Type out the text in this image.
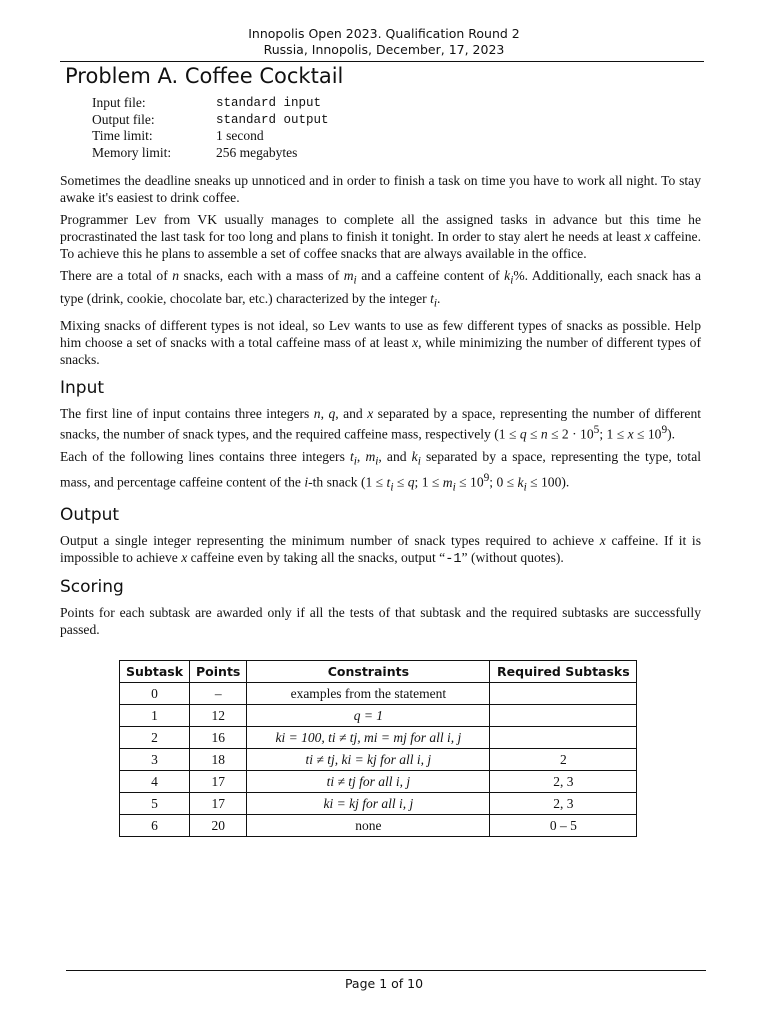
Innopolis Open 2023. Qualification Round 2
Russia, Innopolis, December, 17, 2023
Problem A. Coffee Cocktail
Input file:	standard input
Output file:	standard output
Time limit:	1 second
Memory limit:	256 megabytes

Sometimes the deadline sneaks up unnoticed and in order to finish a task on time you have to work all night. To stay awake it's easiest to drink coffee.

Programmer Lev from VK usually manages to complete all the assigned tasks in advance but this time he procrastinated the last task for too long and plans to finish it tonight. In order to stay alert he needs at least x caffeine. To achieve this he plans to assemble a set of coffee snacks that are always available in the office.

There are a total of n snacks, each with a mass of $m_i$ and a caffeine content of $k_i\%$. Additionally, each snack has a type (drink, cookie, chocolate bar, etc.) characterized by the integer $t_i$.

Mixing snacks of different types is not ideal, so Lev wants to use as few different types of snacks as possible. Help him choose a set of snacks with a total caffeine mass of at least x, while minimizing the number of different types of snacks.

Input

The first line of input contains three integers n, q, and x separated by a space, representing the number of different snacks, the number of snack types, and the required caffeine mass, respectively ($1 \le q \le n \le 2 \cdot 10^5$; $1 \le x \le 10^9$).

Each of the following lines contains three integers $t_i$, $m_i$, and $k_i$ separated by a space, representing the type, total mass, and percentage caffeine content of the i-th snack ($1 \le t_i \le q$; $1 \le m_i \le 10^9$; $0 \le k_i \le 100$).

Output

Output a single integer representing the minimum number of snack types required to achieve x caffeine. If it is impossible to achieve x caffeine even by taking all the snacks, output “-1” (without quotes).

Scoring

Points for each subtask are awarded only if all the tests of that subtask and the required subtasks are successfully passed.

Subtask	Points	Constraints	Required Subtasks
0	–	examples from the statement	
1	12	q = 1	
2	16	ki = 100, ti ≠ tj, mi = mj for all i, j	
3	18	ti ≠ tj, ki = kj for all i, j	2
4	17	ti ≠ tj for all i, j	2, 3
5	17	ki = kj for all i, j	2, 3
6	20	none	0 – 5
Page 1 of 10
